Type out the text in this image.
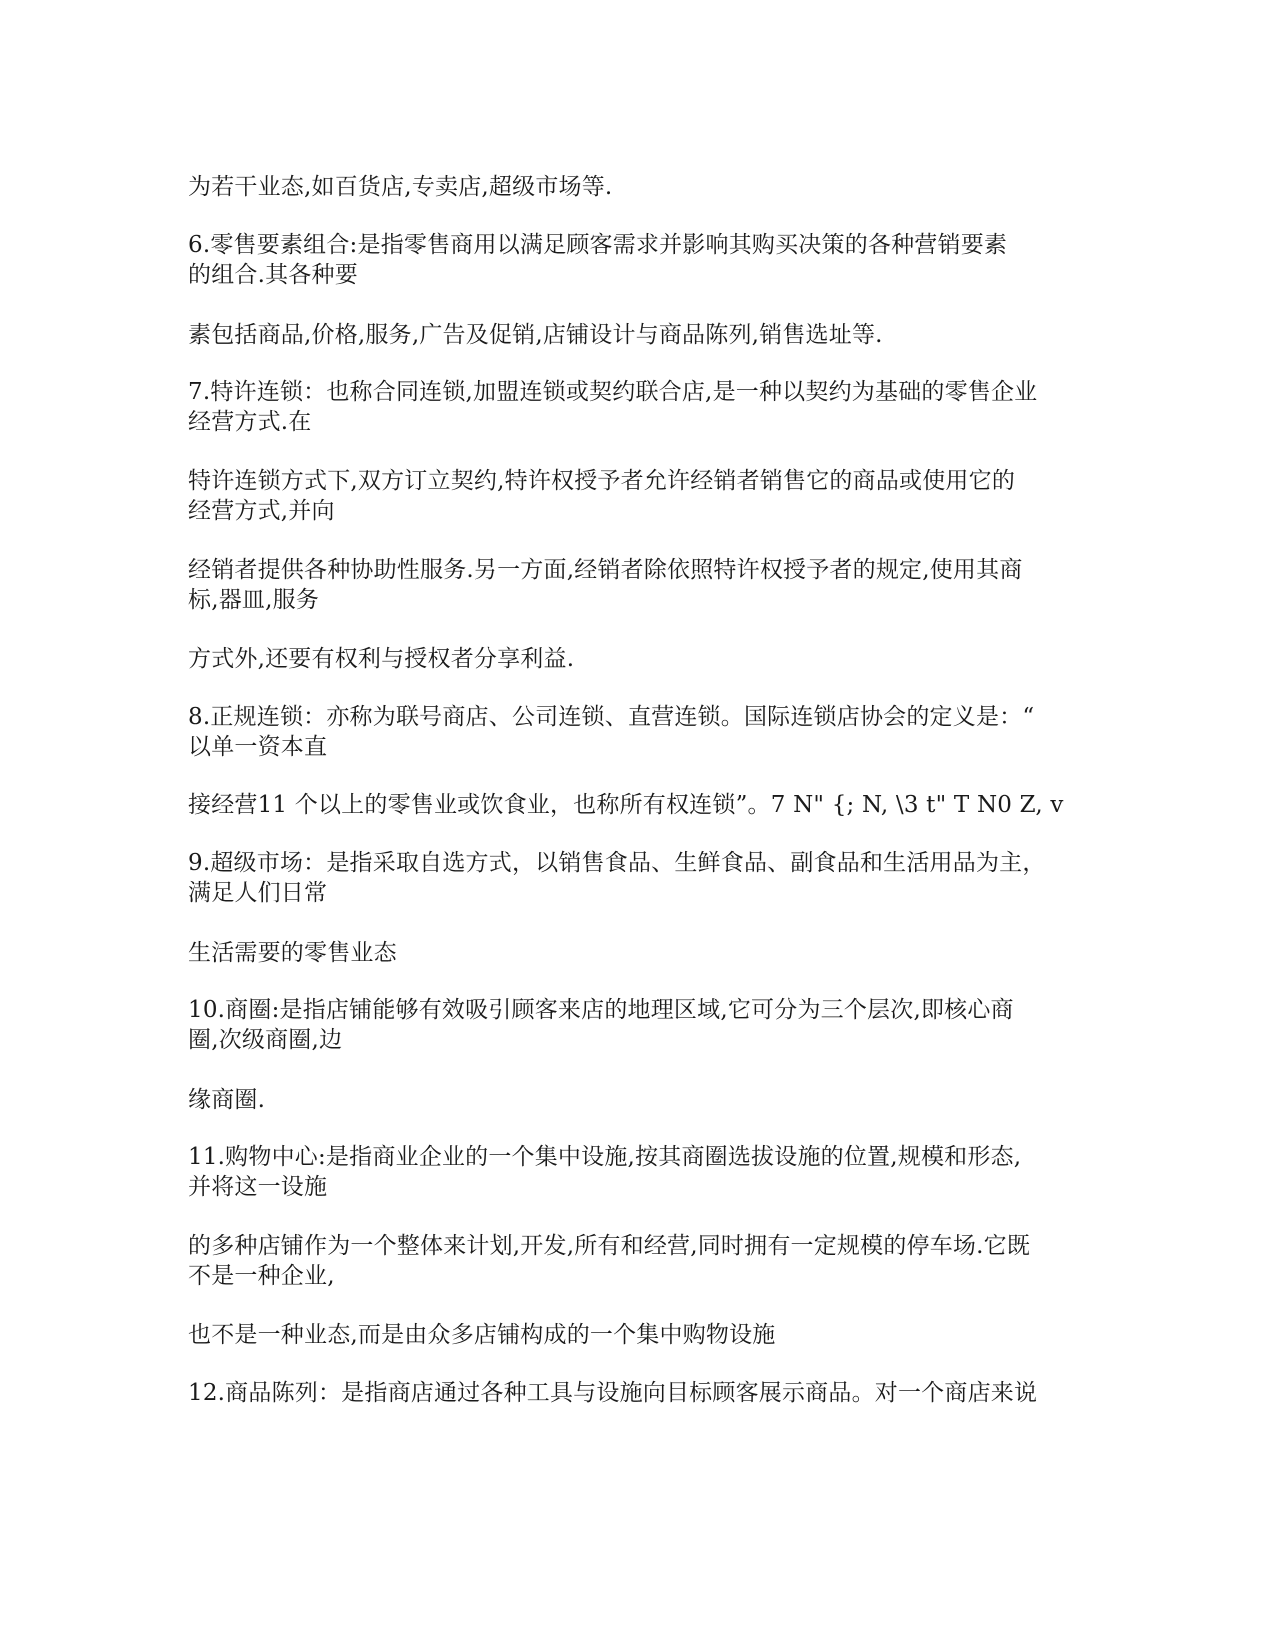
为若干业态,如百货店,专卖店,超级市场等.
6.零售要素组合:是指零售商用以满足顾客需求并影响其购买决策的各种营销要素
的组合.其各种要
素包括商品,价格,服务,广告及促销,店铺设计与商品陈列,销售选址等.
7.特许连锁：也称合同连锁,加盟连锁或契约联合店,是一种以契约为基础的零售企业
经营方式.在
特许连锁方式下,双方订立契约,特许权授予者允许经销者销售它的商品或使用它的
经营方式,并向
经销者提供各种协助性服务.另一方面,经销者除依照特许权授予者的规定,使用其商
标,器皿,服务
方式外,还要有权利与授权者分享利益.
8.正规连锁：亦称为联号商店、公司连锁、直营连锁。国际连锁店协会的定义是：“
以单一资本直
接经营11 个以上的零售业或饮食业，也称所有权连锁”。7 N" {; N, \3 t" T N0 Z, v
9.超级市场：是指采取自选方式，以销售食品、生鲜食品、副食品和生活用品为主，
满足人们日常
生活需要的零售业态
10.商圈:是指店铺能够有效吸引顾客来店的地理区域,它可分为三个层次,即核心商
圈,次级商圈,边
缘商圈.
11.购物中心:是指商业企业的一个集中设施,按其商圈选拔设施的位置,规模和形态,
并将这一设施
的多种店铺作为一个整体来计划,开发,所有和经营,同时拥有一定规模的停车场.它既
不是一种企业,
也不是一种业态,而是由众多店铺构成的一个集中购物设施
12.商品陈列：是指商店通过各种工具与设施向目标顾客展示商品。对一个商店来说
